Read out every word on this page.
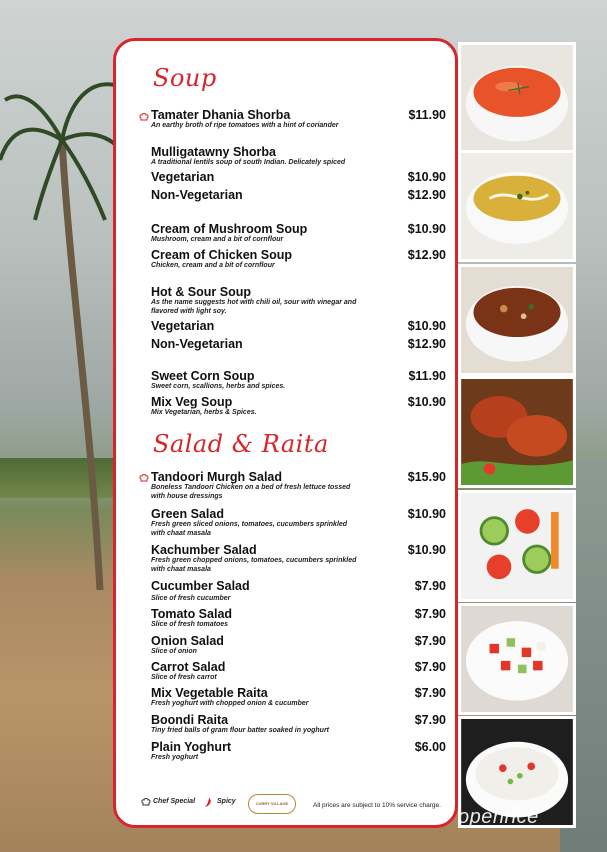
Soup
Salad & Raita
Tamater Dhania Shorba
An earthy broth of ripe tomatoes with a hint of coriander
$11.90
Mulligatawny Shorba
A traditional lentils soup of south Indian. Delicately spiced
Vegetarian	$10.90
Non-Vegetarian	$12.90
Cream of Mushroom Soup
Mushroom, cream and a bit of cornflour
$10.90
Cream of Chicken Soup
Chicken, cream and a bit of cornflour
$12.90
Hot & Sour Soup
As the name suggests hot with chili oil, sour with vinegar and flavored with light soy.
Vegetarian	$10.90
Non-Vegetarian	$12.90
Sweet Corn Soup
Sweet corn, scallions, herbs and spices.
$11.90
Mix Veg Soup
Mix Vegetarian, herbs & Spices.
$10.90
Tandoori Murgh Salad
Boneless Tandoori Chicken on a bed of fresh lettuce tossed with house dressings
$15.90
Green Salad
Fresh green sliced onions, tomatoes, cucumbers sprinkled with chaat masala
$10.90
Kachumber Salad
Fresh green chopped onions, tomatoes, cucumbers sprinkled with chaat masala
$10.90
Cucumber Salad
Slice of fresh cucumber
$7.90
Tomato Salad
Slice of fresh tomatoes
$7.90
Onion Salad
Slice of onion
$7.90
Carrot Salad
Slice of fresh carrot
$7.90
Mix Vegetable Raita
Fresh yoghurt with chopped onion & cucumber
$7.90
Boondi Raita
Tiny fried balls of gram flour batter soaked in yoghurt
$7.90
Plain Yoghurt
Fresh yoghurt
$6.00
Chef Special	Spicy	CURRY VILLAGE	All prices are subject to 10% service charge.
openrice
